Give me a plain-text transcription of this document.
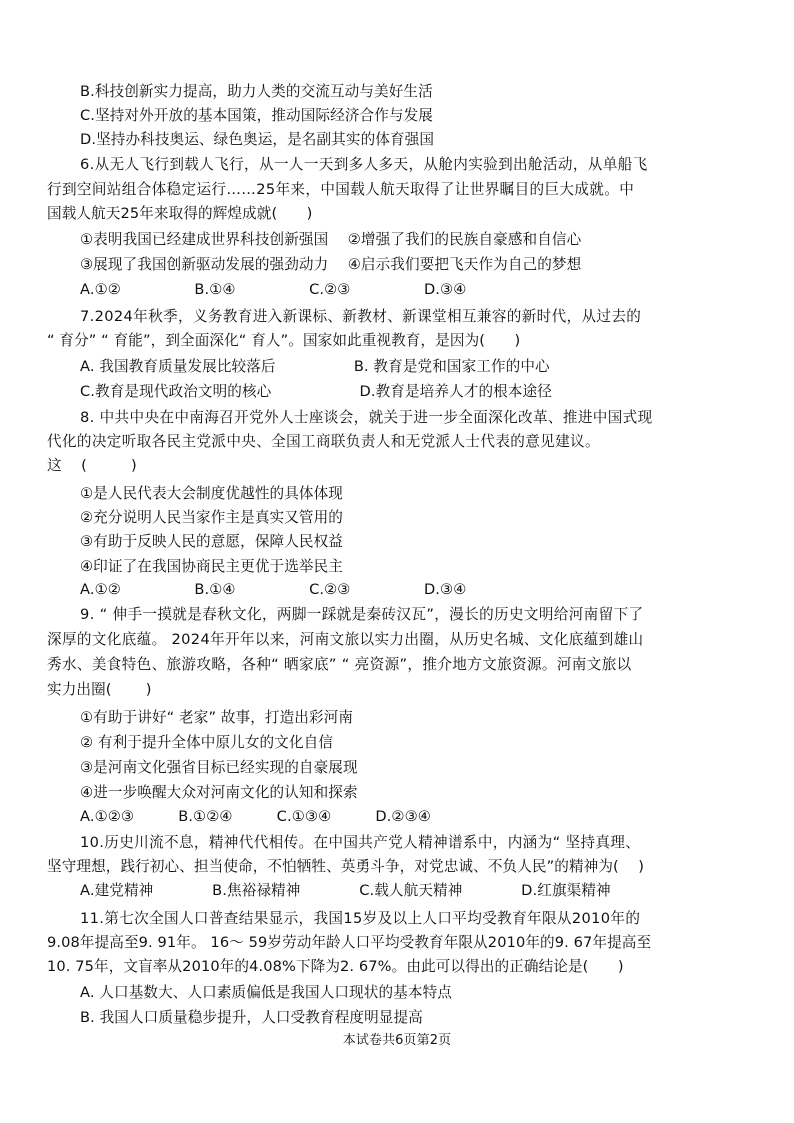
B.科技创新实力提高，助力人类的交流互动与美好生活
C.坚持对外开放的基本国策，推动国际经济合作与发展
D.坚持办科技奥运、绿色奥运，是名副其实的体育强国
6.从无人飞行到载人飞行，从一人一天到多人多天，从舱内实验到出舱活动，从单船飞
行到空间站组合体稳定运行……25年来，中国载人航天取得了让世界瞩目的巨大成就。中
国载人航天25年来取得的辉煌成就(　　)
①表明我国已经建成世界科技创新强国　 ②增强了我们的民族自豪感和自信心
③展现了我国创新驱动发展的强劲动力　 ④启示我们要把飞天作为自己的梦想
A.①②　　　　　B.①④　　　　　C.②③　　　　　D.③④
7.2024年秋季，义务教育进入新课标、新教材、新课堂相互兼容的新时代，从过去的
“ 育分” “ 育能”，到全面深化“ 育人”。国家如此重视教育，是因为(　　)
A. 我国教育质量发展比较落后　　　　　 B. 教育是党和国家工作的中心
C.教育是现代政治文明的核心　　　　　　D.教育是培养人才的根本途径
8. 中共中央在中南海召开党外人士座谈会，就关于进一步全面深化改革、推进中国式现
代化的决定听取各民主党派中央、全国工商联负责人和无党派人士代表的意见建议。
这　 (　　　)
①是人民代表大会制度优越性的具体体现
②充分说明人民当家作主是真实又管用的
③有助于反映人民的意愿，保障人民权益
④印证了在我国协商民主更优于选举民主
A.①②　　　　　B.①④　　　　　C.②③　　　　　D.③④
9. “ 伸手一摸就是春秋文化，两脚一踩就是秦砖汉瓦”，漫长的历史文明给河南留下了
深厚的文化底蕴。 2024年开年以来，河南文旅以实力出圈，从历史名城、文化底蕴到雄山
秀水、美食特色、旅游攻略，各种“ 晒家底” “ 亮资源”，推介地方文旅资源。河南文旅以
实力出圈(　　 )
①有助于讲好“ 老家” 故事，打造出彩河南
② 有利于提升全体中原儿女的文化自信
③是河南文化强省目标已经实现的自豪展现
④进一步唤醒大众对河南文化的认知和探索
A.①②③　　　B.①②④　　　C.①③④　　　D.②③④
10.历史川流不息，精神代代相传。在中国共产党人精神谱系中，内涵为“ 坚持真理、
坚守理想，践行初心、担当使命，不怕牺牲、英勇斗争，对党忠诚、不负人民”的精神为(　 )
A.建党精神　　　　B.焦裕禄精神　　　　C.载人航天精神　　　　D.红旗渠精神
11.第七次全国人口普查结果显示，我国15岁及以上人口平均受教育年限从2010年的
9.08年提高至9. 91年。 16～ 59岁劳动年龄人口平均受教育年限从2010年的9. 67年提高至
10. 75年，文盲率从2010年的4.08%下降为2. 67%。由此可以得出的正确结论是(　　)
A. 人口基数大、人口素质偏低是我国人口现状的基本特点
B. 我国人口质量稳步提升，人口受教育程度明显提高
本试卷共6页第2页
